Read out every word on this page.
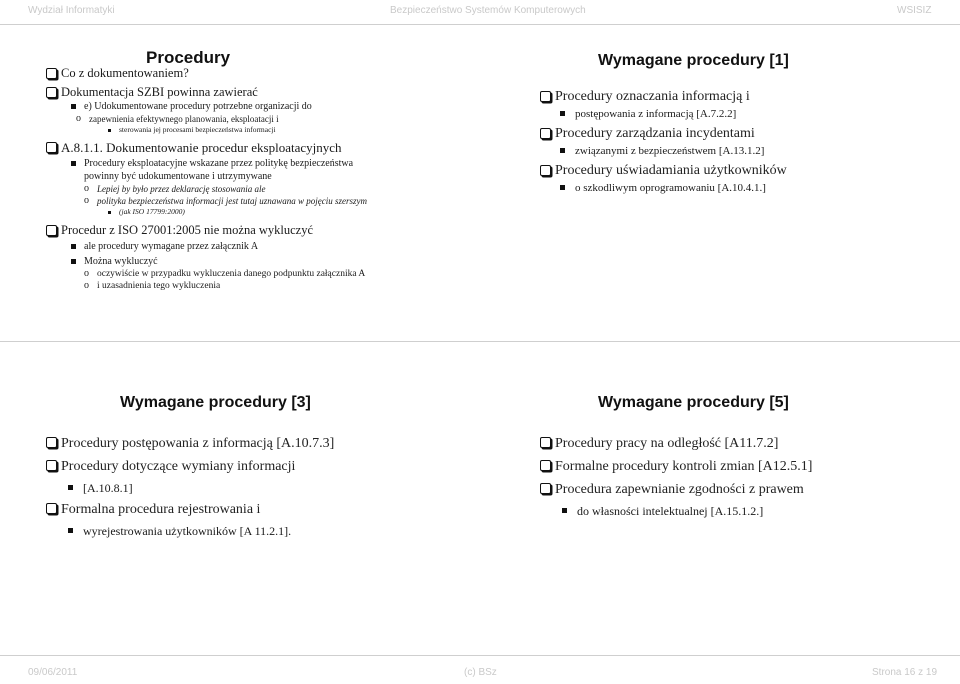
Wydział Informatyki	Bezpieczeństwo Systemów Komputerowych	WSISIZ
Procedury
Co z dokumentowaniem?
Dokumentacja SZBI powinna zawierać
e) Udokumentowane procedury potrzebne organizacji do
o zapewnienia efektywnego planowania, eksploatacji i
sterowania jej procesami bezpieczeństwa informacji
A.8.1.1. Dokumentowanie procedur eksploatacyjnych
Procedury eksploatacyjne wskazane przez politykę bezpieczeństwa
powinny być udokumentowane i utrzymywane
o Lepiej by było przez deklarację stosowania ale
o polityka bezpieczeństwa informacji jest tutaj uznawana w pojęciu szerszym
(jak ISO 17799:2000)
Procedur z ISO 27001:2005 nie można wykluczyć
ale procedury wymagane przez załącznik A
Można wykluczyć
o oczywiście w przypadku wykluczenia danego podpunktu załącznika A
o i uzasadnienia tego wykluczenia
Wymagane procedury [1]
Procedury oznaczania informacją i
postępowania z informacją [A.7.2.2]
Procedury zarządzania incydentami
związanymi z bezpieczeństwem [A.13.1.2]
Procedury uświadamiania użytkowników
o szkodliwym oprogramowaniu [A.10.4.1.]
Wymagane procedury [3]
Procedury postępowania z informacją [A.10.7.3]
Procedury dotyczące wymiany informacji
[A.10.8.1]
Formalna procedura rejestrowania i
wyrejestrowania użytkowników [A 11.2.1].
Wymagane procedury [5]
Procedury pracy na odległość [A11.7.2]
Formalne procedury kontroli zmian [A12.5.1]
Procedura zapewnianie zgodności z prawem
do własności intelektualnej [A.15.1.2.]
09/06/2011	(c) BSz	Strona 16 z 19
